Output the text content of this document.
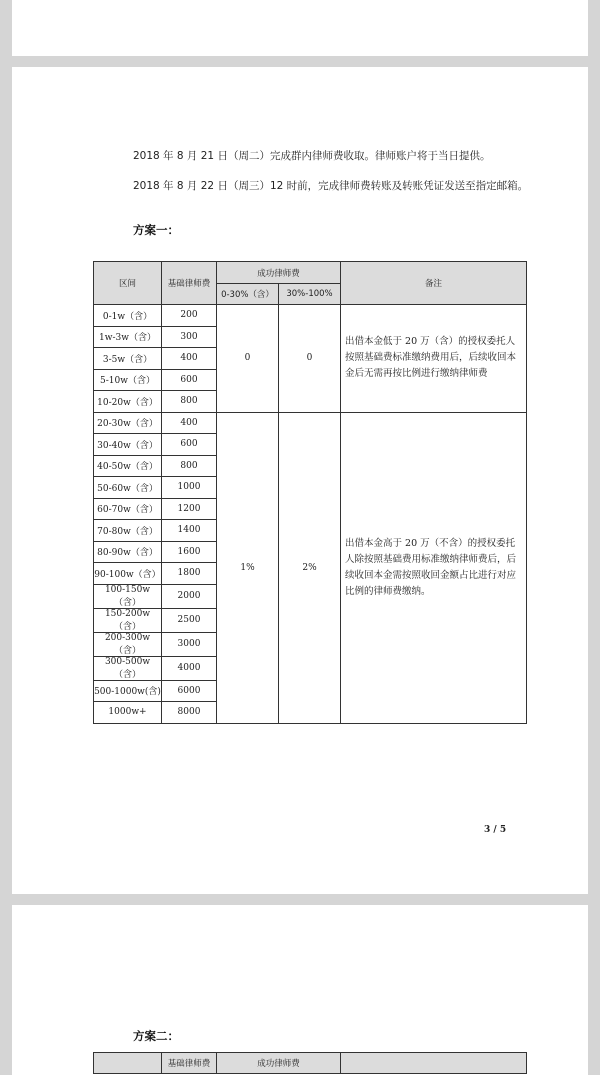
2018 年 8 月 21 日（周二）完成群内律师费收取。律师账户将于当日提供。
2018 年 8 月 22 日（周三）12 时前，完成律师费转账及转账凭证发送至指定邮箱。
方案一：
区间	基础律师费	成功律师费		备注
		0-30%（含）	30%-100%	
0-1w（含）	200	0	0	出借本金低于 20 万（含）的授权委托人按照基础费标准缴纳费用后，后续收回本金后无需再按比例进行缴纳律师费
1w-3w（含）	300			
3-5w（含）	400			
5-10w（含）	600			
10-20w（含）	800			
20-30w（含）	400	1%	2%	出借本金高于 20 万（不含）的授权委托人除按照基础费用标准缴纳律师费后，后续收回本金需按照收回金额占比进行对应比例的律师费缴纳。
30-40w（含）	600			
40-50w（含）	800			
50-60w（含）	1000			
60-70w（含）	1200			
70-80w（含）	1400			
80-90w（含）	1600			
90-100w（含）	1800			
100-150w（含）	2000			
150-200w（含）	2500			
200-300w（含）	3000			
300-500w（含）	4000			
500-1000w(含)	6000			
1000w+	8000			
3 / 5
方案二：
	基础律师费	成功律师费	
